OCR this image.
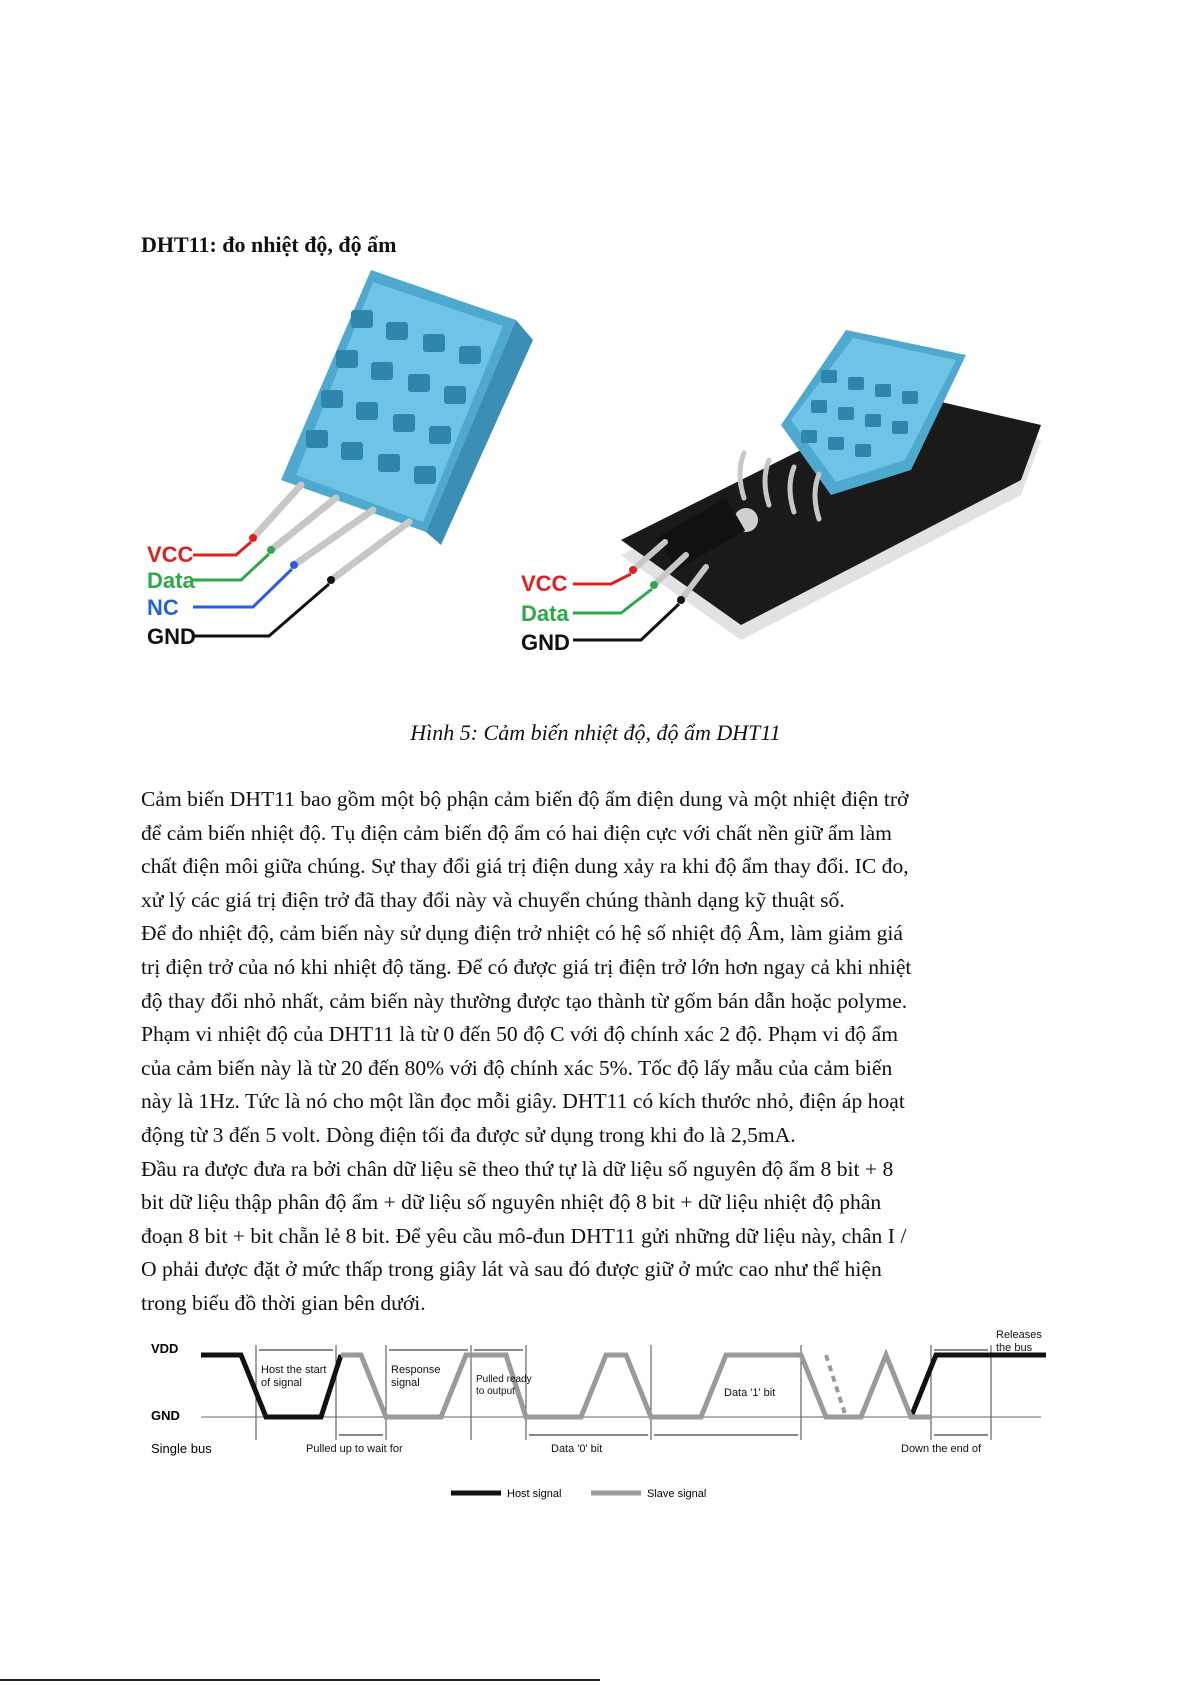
DHT11: đo nhiệt độ, độ ẩm
VCC
Data
NC
GND
VCC
Data
GND
Hình 5: Cảm biến nhiệt độ, độ ẩm DHT11

Cảm biến DHT11 bao gồm một bộ phận cảm biến độ ẩm điện dung và một nhiệt điện trở

để cảm biến nhiệt độ. Tụ điện cảm biến độ ẩm có hai điện cực với chất nền giữ ẩm làm

chất điện môi giữa chúng. Sự thay đổi giá trị điện dung xảy ra khi độ ẩm thay đổi. IC đo,

xử lý các giá trị điện trở đã thay đổi này và chuyển chúng thành dạng kỹ thuật số.

Để đo nhiệt độ, cảm biến này sử dụng điện trở nhiệt có hệ số nhiệt độ Âm, làm giảm giá

trị điện trở của nó khi nhiệt độ tăng. Để có được giá trị điện trở lớn hơn ngay cả khi nhiệt

độ thay đổi nhỏ nhất, cảm biến này thường được tạo thành từ gốm bán dẫn hoặc polyme.

Phạm vi nhiệt độ của DHT11 là từ 0 đến 50 độ C với độ chính xác 2 độ. Phạm vi độ ẩm

của cảm biến này là từ 20 đến 80% với độ chính xác 5%. Tốc độ lấy mẫu của cảm biến

này là 1Hz. Tức là nó cho một lần đọc mỗi giây. DHT11 có kích thước nhỏ, điện áp hoạt

động từ 3 đến 5 volt. Dòng điện tối đa được sử dụng trong khi đo là 2,5mA.

Đầu ra được đưa ra bởi chân dữ liệu sẽ theo thứ tự là dữ liệu số nguyên độ ẩm 8 bit + 8

bit dữ liệu thập phân độ ẩm + dữ liệu số nguyên nhiệt độ 8 bit + dữ liệu nhiệt độ phân

đoạn 8 bit + bit chẵn lẻ 8 bit. Để yêu cầu mô-đun DHT11 gửi những dữ liệu này, chân I /

O phải được đặt ở mức thấp trong giây lát và sau đó được giữ ở mức cao như thể hiện

trong biểu đồ thời gian bên dưới.

VDD
GND
Single bus
Host the start
of signal
Response
signal	Pulled ready
to output
Pulled up to wait for	Data '0' bit
Data '1' bit
Releases
the bus
Down the end of
Host signal	Slave signal
